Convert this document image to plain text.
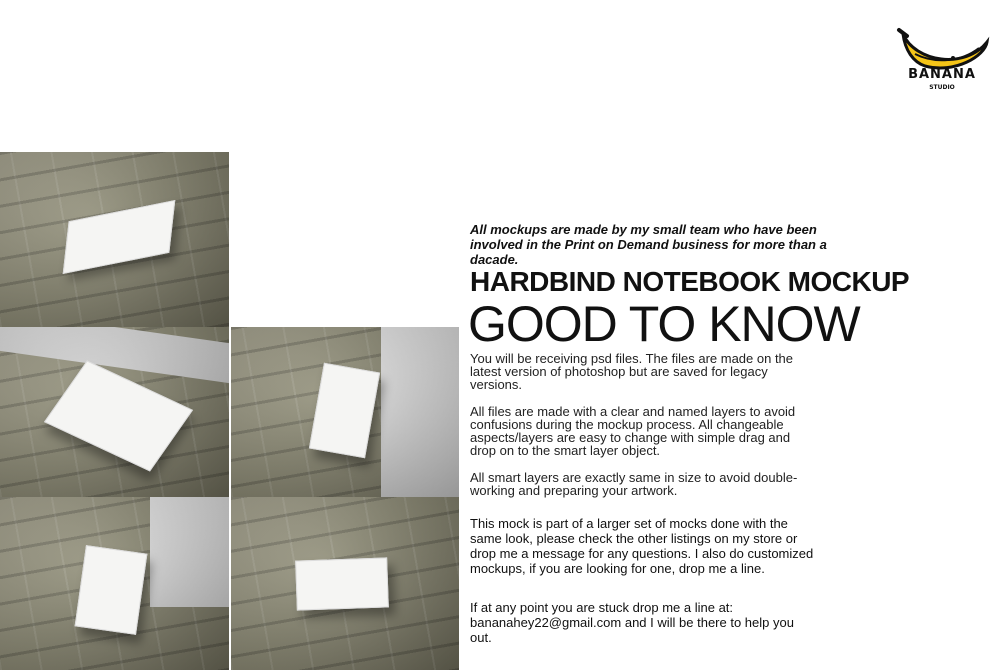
BANANA
STUDIO
All mockups are made by my small team who have been involved in the Print on Demand business for more than a dacade.
HARDBIND NOTEBOOK MOCKUP
GOOD TO KNOW
You will be receiving psd files. The files are made on the latest version of photoshop but are saved for legacy versions.
All files are made with a clear and named layers to avoid confusions during the mockup process. All changeable aspects/layers are easy to change with simple drag and drop on to the smart layer object.
All smart layers are exactly same in size to avoid double-working and preparing your artwork.
This mock is part of a larger set of mocks done with the same look, please check the other listings on my store or drop me a message for any questions. I also do customized mockups, if you are looking for one, drop me a line.
If at any point you are stuck drop me a line at: bananahey22@gmail.com and I will be there to help you out.
